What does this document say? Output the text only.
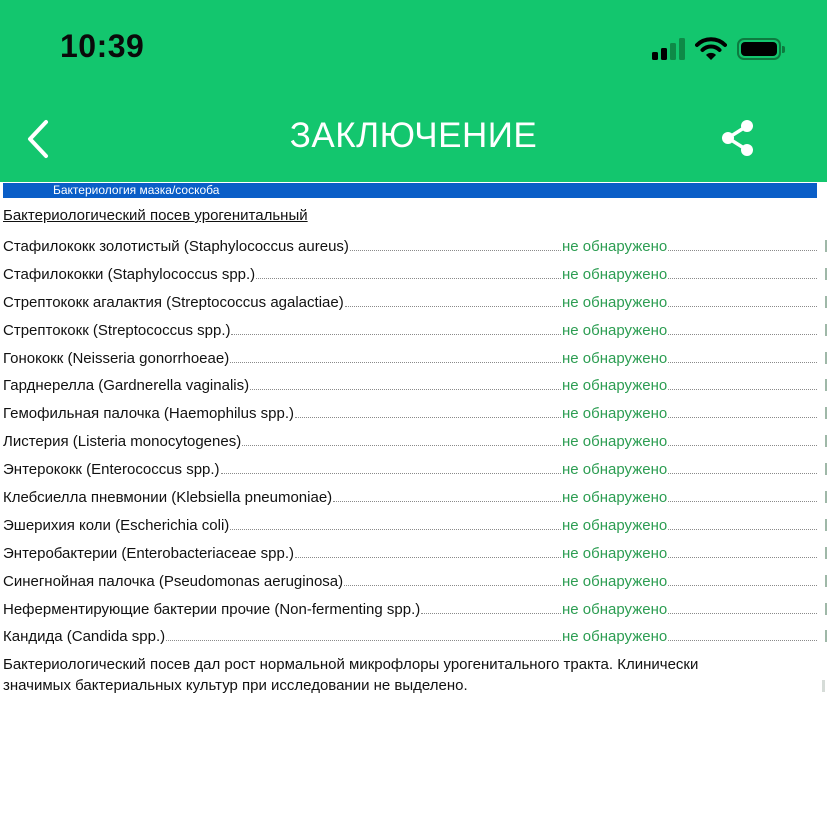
10:39
ЗАКЛЮЧЕНИЕ
Бактериология мазка/соскоба
Бактериологический посев урогенитальный
Стафилококк золотистый (Staphylococcus aureus)	не обнаружено
Стафилококки (Staphylococcus spp.)	не обнаружено
Стрептококк агалактия (Streptococcus agalactiae)	не обнаружено
Стрептококк (Streptococcus spp.)	не обнаружено
Гонококк (Neisseria gonorrhoeae)	не обнаружено
Гарднерелла (Gardnerella vaginalis)	не обнаружено
Гемофильная палочка (Haemophilus spp.)	не обнаружено
Листерия (Listeria monocytogenes)	не обнаружено
Энтерококк (Enterococcus spp.)	не обнаружено
Клебсиелла пневмонии (Klebsiella pneumoniae)	не обнаружено
Эшерихия коли (Escherichia coli)	не обнаружено
Энтеробактерии (Enterobacteriaceae spp.)	не обнаружено
Синегнойная палочка (Pseudomonas aeruginosa)	не обнаружено
Неферментирующие бактерии прочие (Non-fermenting spp.)	не обнаружено
Кандида (Candida spp.)	не обнаружено
Бактериологический посев дал рост нормальной микрофлоры урогенитального тракта. Клинически значимых бактериальных культур при исследовании не выделено.
